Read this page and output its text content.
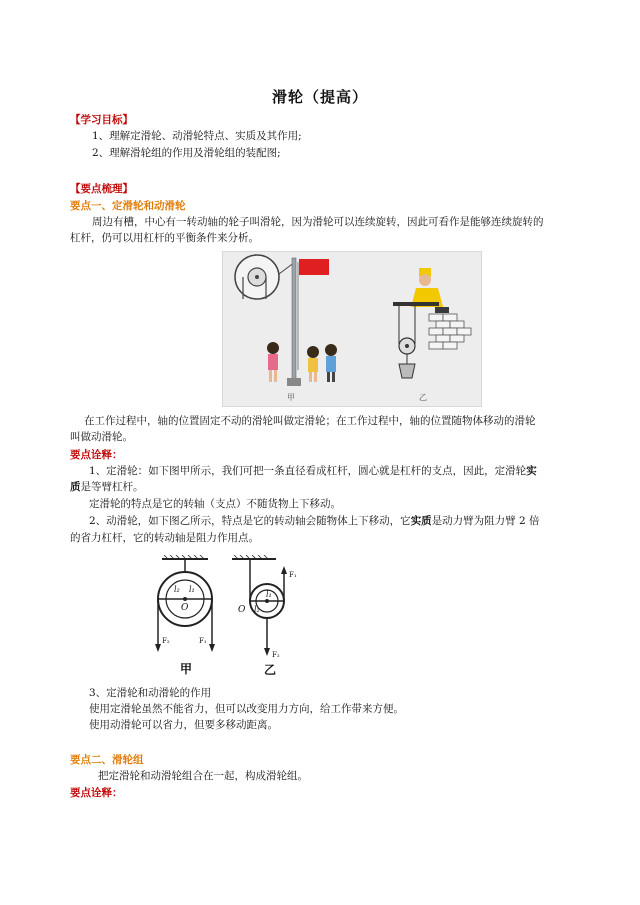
滑轮（提高）
【学习目标】
1、理解定滑轮、动滑轮特点、实质及其作用;
2、理解滑轮组的作用及滑轮组的装配图;
【要点梳理】
要点一、定滑轮和动滑轮
周边有槽，中心有一转动轴的轮子叫滑轮，因为滑轮可以连续旋转，因此可看作是能够连续旋转的
杠杆，仍可以用杠杆的平衡条件来分析。
甲	乙
在工作过程中，轴的位置固定不动的滑轮叫做定滑轮；在工作过程中，轴的位置随物体移动的滑轮
叫做动滑轮。
要点诠释：
1、定滑轮：如下图甲所示，我们可把一条直径看成杠杆，圆心就是杠杆的支点，因此，定滑轮实
质是等臂杠杆。
定滑轮的特点是它的转轴（支点）不随货物上下移动。
2、动滑轮，如下图乙所示，特点是它的转动轴会随物体上下移动，它实质是动力臂为阻力臂 2 倍
的省力杠杆，它的转动轴是阻力作用点。
l₂ l₁
O
F₂	F₁
O
l₁
l₂
F₁
F₂
甲	乙
3、定滑轮和动滑轮的作用
使用定滑轮虽然不能省力，但可以改变用力方向，给工作带来方便。
使用动滑轮可以省力，但要多移动距离。
要点二、滑轮组
把定滑轮和动滑轮组合在一起，构成滑轮组。
要点诠释：
